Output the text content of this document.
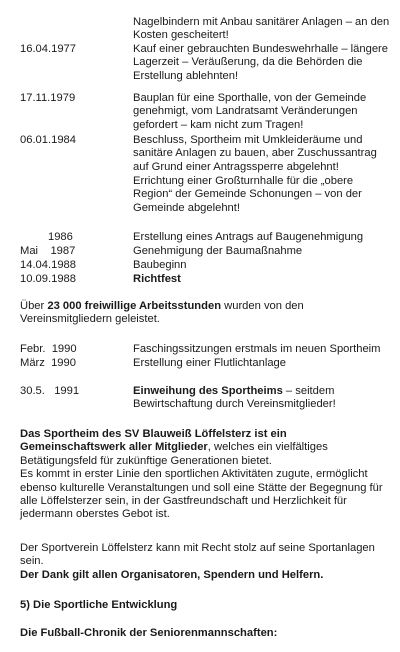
Nagelbindern mit Anbau sanitärer Anlagen – an den Kosten gescheitert!
16.04.1977	Kauf einer gebrauchten Bundeswehrhalle – längere Lagerzeit – Veräußerung, da die Behörden die Erstellung ablehnten!
17.11.1979	Bauplan für eine Sporthalle, von der Gemeinde genehmigt, vom Landratsamt Veränderungen gefordert – kam nicht zum Tragen!
06.01.1984	Beschluss, Sportheim mit Umkleideräume und sanitäre Anlagen zu bauen, aber Zuschussantrag auf Grund einer Antragssperre abgelehnt!
Errichtung einer Großturnhalle für die „obere Region“ der Gemeinde Schonungen – von der Gemeinde abgelehnt!
1986	Erstellung eines Antrags auf Baugenehmigung
Mai    1987	Genehmigung der Baumaßnahme
14.04.1988	Baubeginn
10.09.1988	Richtfest
Über 23 000 freiwillige Arbeitsstunden wurden von den Vereinsmitgliedern geleistet.
Febr.  1990	Faschingssitzungen erstmals im neuen Sportheim
März  1990	Erstellung einer Flutlichtanlage
30.5.   1991	Einweihung des Sportheims – seitdem Bewirtschaftung durch Vereinsmitglieder!
Das Sportheim des SV Blauweiß Löffelsterz ist ein Gemeinschaftswerk aller Mitglieder, welches ein vielfältiges Betätigungsfeld für zukünftige Generationen bietet.
Es kommt in erster Linie den sportlichen Aktivitäten zugute, ermöglicht ebenso kulturelle Veranstaltungen und soll eine Stätte der Begegnung für alle Löffelsterzer sein, in der Gastfreundschaft und Herzlichkeit für jedermann oberstes Gebot ist.
Der Sportverein Löffelsterz kann mit Recht stolz auf seine Sportanlagen sein.
Der Dank gilt allen Organisatoren, Spendern und Helfern.
5) Die Sportliche Entwicklung
Die Fußball-Chronik der Seniorenmannschaften:
